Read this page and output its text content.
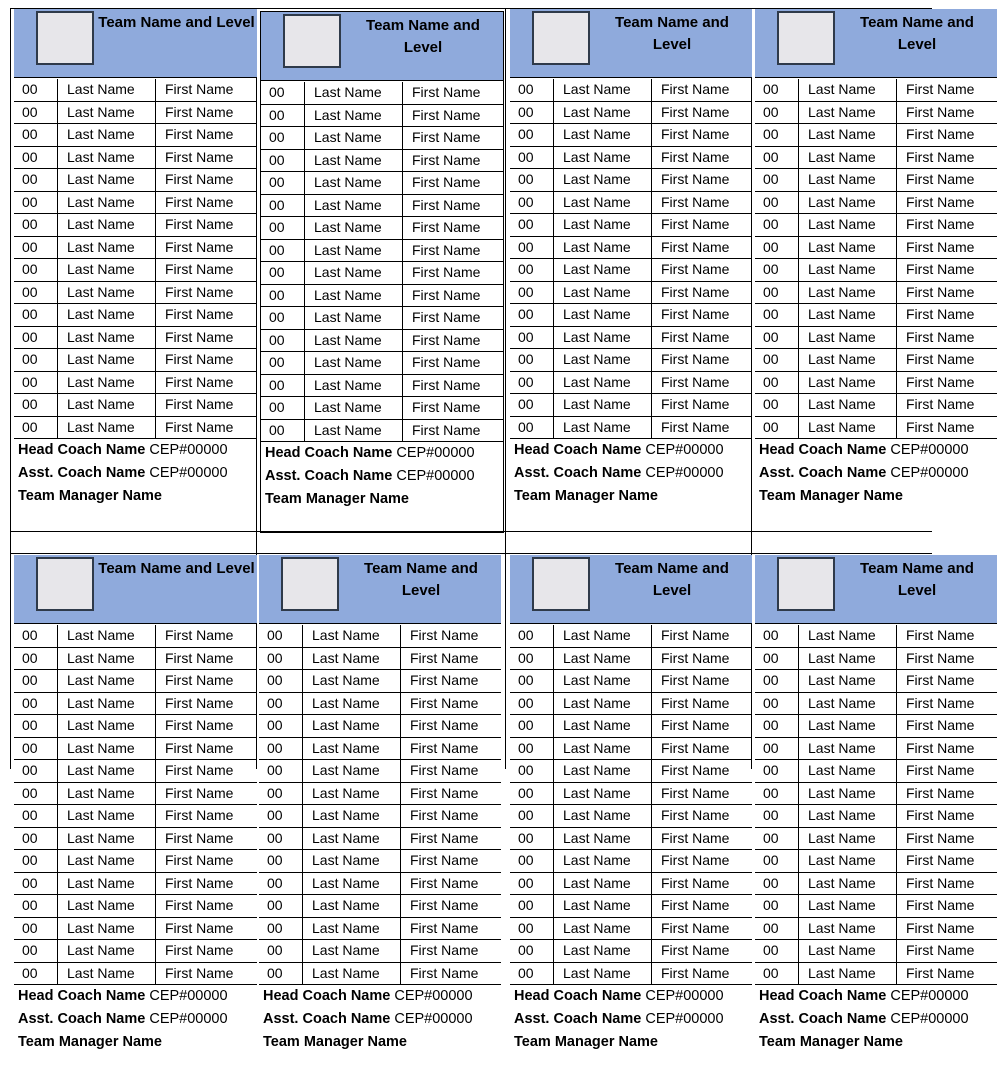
Team Name and Level
00 Last Name First Name
00 Last Name First Name
00 Last Name First Name
00 Last Name First Name
00 Last Name First Name
00 Last Name First Name
00 Last Name First Name
00 Last Name First Name
00 Last Name First Name
00 Last Name First Name
00 Last Name First Name
00 Last Name First Name
00 Last Name First Name
00 Last Name First Name
00 Last Name First Name
00 Last Name First Name
Head Coach Name CEP#00000
Asst. Coach Name CEP#00000
Team Manager Name
Team Name and Level
00 Last Name First Name
00 Last Name First Name
00 Last Name First Name
00 Last Name First Name
00 Last Name First Name
00 Last Name First Name
00 Last Name First Name
00 Last Name First Name
00 Last Name First Name
00 Last Name First Name
00 Last Name First Name
00 Last Name First Name
00 Last Name First Name
00 Last Name First Name
00 Last Name First Name
00 Last Name First Name
Head Coach Name CEP#00000
Asst. Coach Name CEP#00000
Team Manager Name
Team Name and Level
00 Last Name First Name
00 Last Name First Name
00 Last Name First Name
00 Last Name First Name
00 Last Name First Name
00 Last Name First Name
00 Last Name First Name
00 Last Name First Name
00 Last Name First Name
00 Last Name First Name
00 Last Name First Name
00 Last Name First Name
00 Last Name First Name
00 Last Name First Name
00 Last Name First Name
00 Last Name First Name
Head Coach Name CEP#00000
Asst. Coach Name CEP#00000
Team Manager Name
Team Name and Level
00 Last Name First Name
00 Last Name First Name
00 Last Name First Name
00 Last Name First Name
00 Last Name First Name
00 Last Name First Name
00 Last Name First Name
00 Last Name First Name
00 Last Name First Name
00 Last Name First Name
00 Last Name First Name
00 Last Name First Name
00 Last Name First Name
00 Last Name First Name
00 Last Name First Name
00 Last Name First Name
Head Coach Name CEP#00000
Asst. Coach Name CEP#00000
Team Manager Name
Team Name and Level
00 Last Name First Name
00 Last Name First Name
00 Last Name First Name
00 Last Name First Name
00 Last Name First Name
00 Last Name First Name
00 Last Name First Name
00 Last Name First Name
00 Last Name First Name
00 Last Name First Name
00 Last Name First Name
00 Last Name First Name
00 Last Name First Name
00 Last Name First Name
00 Last Name First Name
00 Last Name First Name
Head Coach Name CEP#00000
Asst. Coach Name CEP#00000
Team Manager Name
Team Name and Level
00 Last Name First Name
00 Last Name First Name
00 Last Name First Name
00 Last Name First Name
00 Last Name First Name
00 Last Name First Name
00 Last Name First Name
00 Last Name First Name
00 Last Name First Name
00 Last Name First Name
00 Last Name First Name
00 Last Name First Name
00 Last Name First Name
00 Last Name First Name
00 Last Name First Name
00 Last Name First Name
Head Coach Name CEP#00000
Asst. Coach Name CEP#00000
Team Manager Name
Team Name and Level
00 Last Name First Name
00 Last Name First Name
00 Last Name First Name
00 Last Name First Name
00 Last Name First Name
00 Last Name First Name
00 Last Name First Name
00 Last Name First Name
00 Last Name First Name
00 Last Name First Name
00 Last Name First Name
00 Last Name First Name
00 Last Name First Name
00 Last Name First Name
00 Last Name First Name
00 Last Name First Name
Head Coach Name CEP#00000
Asst. Coach Name CEP#00000
Team Manager Name
Team Name and Level
00 Last Name First Name
00 Last Name First Name
00 Last Name First Name
00 Last Name First Name
00 Last Name First Name
00 Last Name First Name
00 Last Name First Name
00 Last Name First Name
00 Last Name First Name
00 Last Name First Name
00 Last Name First Name
00 Last Name First Name
00 Last Name First Name
00 Last Name First Name
00 Last Name First Name
00 Last Name First Name
Head Coach Name CEP#00000
Asst. Coach Name CEP#00000
Team Manager Name
